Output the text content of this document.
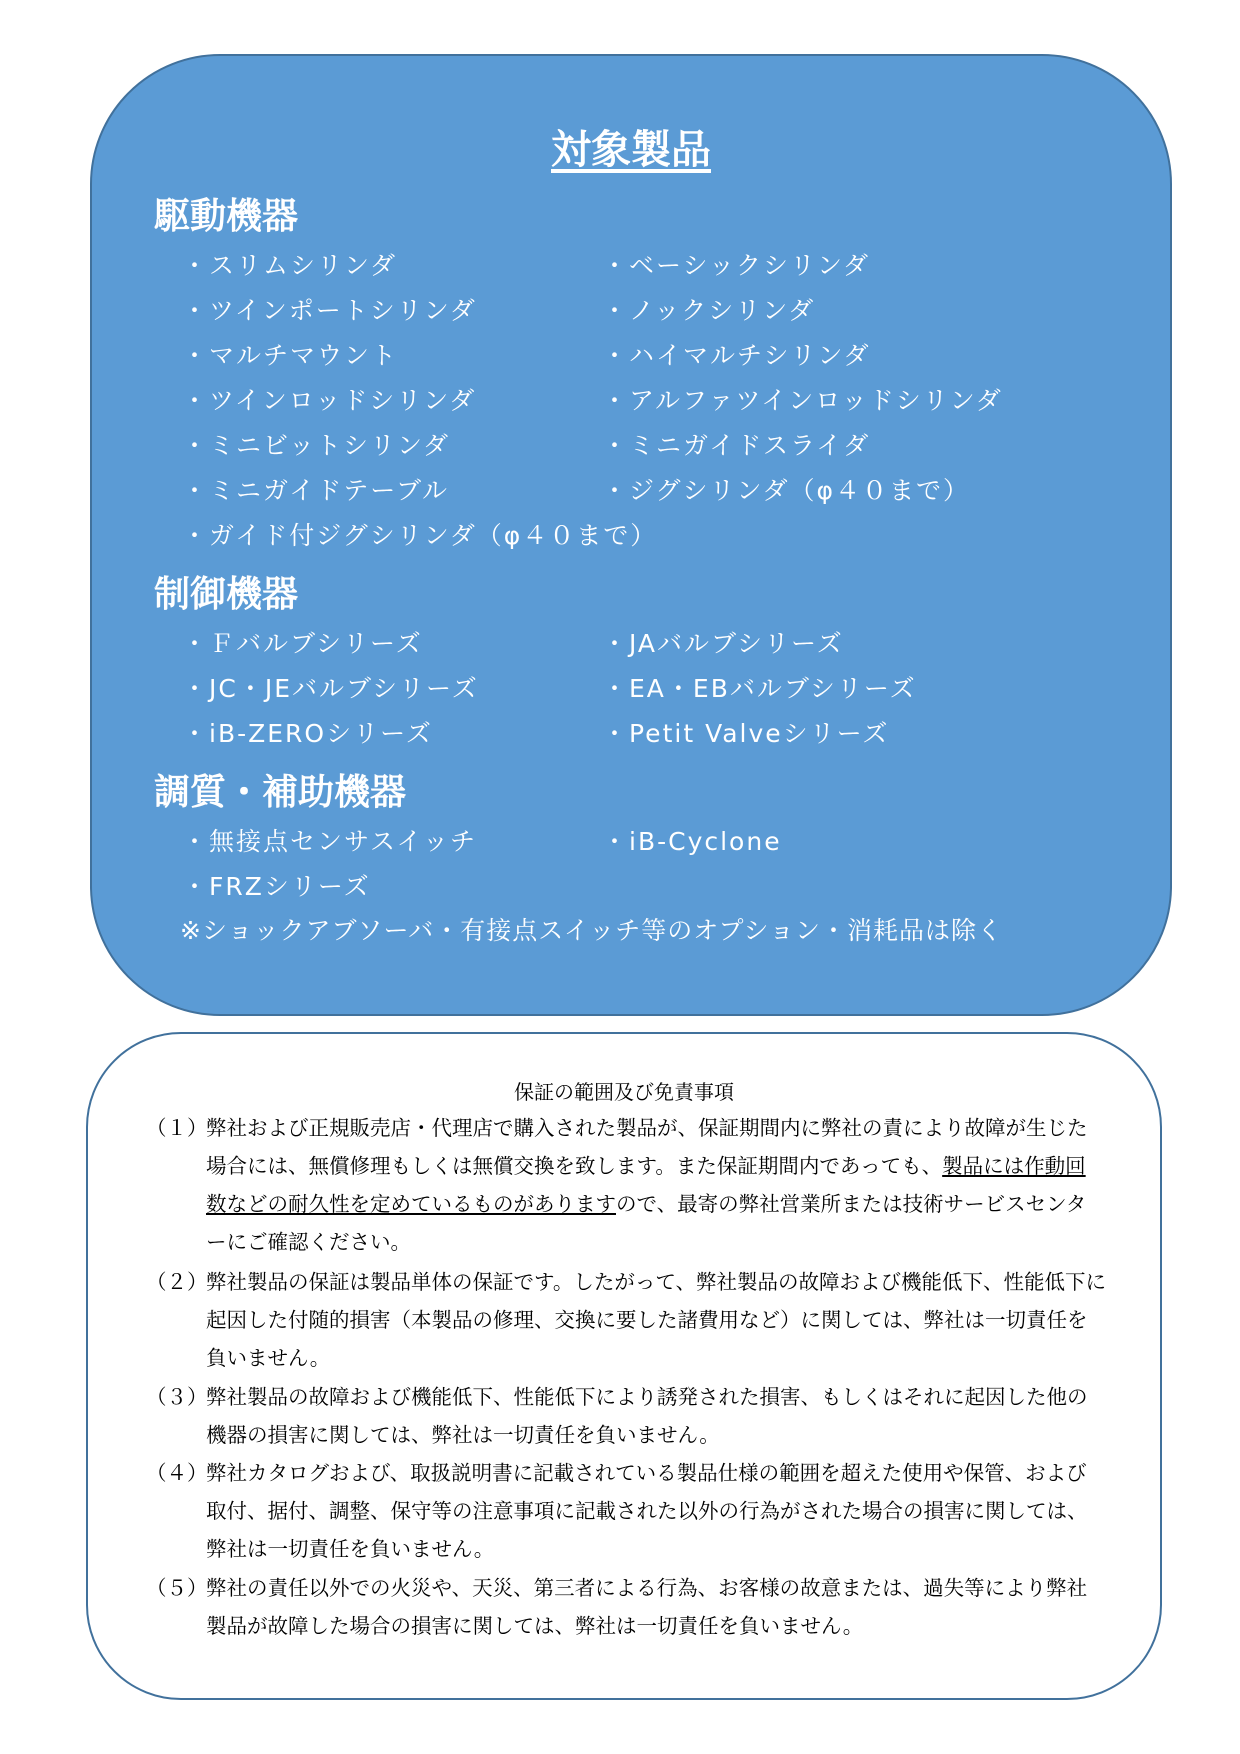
対象製品
駆動機器
・スリムシリンダ	・ベーシックシリンダ
・ツインポートシリンダ	・ノックシリンダ
・マルチマウント	・ハイマルチシリンダ
・ツインロッドシリンダ	・アルファツインロッドシリンダ
・ミニビットシリンダ	・ミニガイドスライダ
・ミニガイドテーブル	・ジグシリンダ（φ４０まで）
・ガイド付ジグシリンダ（φ４０まで）
制御機器
・Ｆバルブシリーズ	・JAバルブシリーズ
・JC・JEバルブシリーズ	・EA・EBバルブシリーズ
・iB-ZEROシリーズ	・Petit Valveシリーズ
調質・補助機器
・無接点センサスイッチ	・iB-Cyclone
・FRZシリーズ
※ショックアブソーバ・有接点スイッチ等のオプション・消耗品は除く
保証の範囲及び免責事項
（１）
弊社および正規販売店・代理店で購入された製品が、保証期間内に弊社の責により故障が生じた場合には、無償修理もしくは無償交換を致します。また保証期間内であっても、製品には作動回数などの耐久性を定めているものがありますので、最寄の弊社営業所または技術サービスセンターにご確認ください。
（２）
弊社製品の保証は製品単体の保証です。したがって、弊社製品の故障および機能低下、性能低下に起因した付随的損害（本製品の修理、交換に要した諸費用など）に関しては、弊社は一切責任を負いません。
（３）
弊社製品の故障および機能低下、性能低下により誘発された損害、もしくはそれに起因した他の機器の損害に関しては、弊社は一切責任を負いません。
（４）
弊社カタログおよび、取扱説明書に記載されている製品仕様の範囲を超えた使用や保管、および取付、据付、調整、保守等の注意事項に記載された以外の行為がされた場合の損害に関しては、弊社は一切責任を負いません。
（５）
弊社の責任以外での火災や、天災、第三者による行為、お客様の故意または、過失等により弊社製品が故障した場合の損害に関しては、弊社は一切責任を負いません。
